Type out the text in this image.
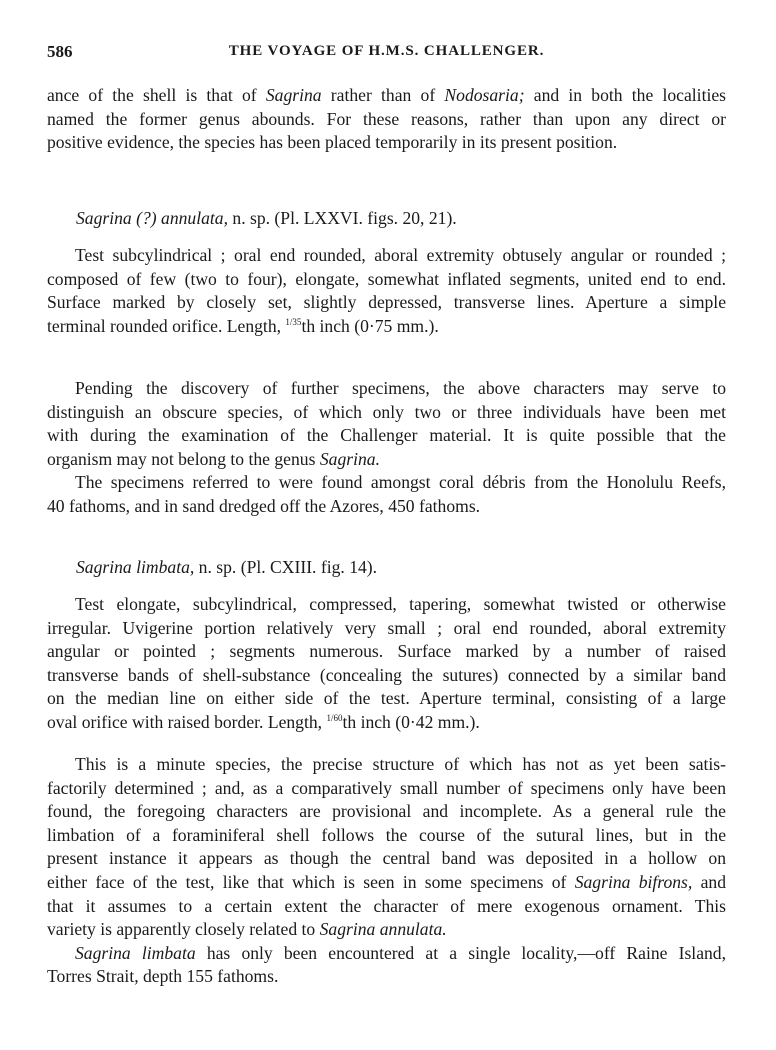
586	THE VOYAGE OF H.M.S. CHALLENGER.
ance of the shell is that of Sagrina rather than of Nodosaria; and in both the localities
named the former genus abounds. For these reasons, rather than upon any direct or
positive evidence, the species has been placed temporarily in its present position.
Sagrina (?) annulata, n. sp. (Pl. LXXVI. figs. 20, 21).
Test subcylindrical ; oral end rounded, aboral extremity obtusely angular or rounded ;
composed of few (two to four), elongate, somewhat inflated segments, united end to end.
Surface marked by closely set, slightly depressed, transverse lines. Aperture a simple
terminal rounded orifice. Length, $^{1/35}$th inch (0·75 mm.).
Pending the discovery of further specimens, the above characters may serve to
distinguish an obscure species, of which only two or three individuals have been met
with during the examination of the Challenger material. It is quite possible that the
organism may not belong to the genus Sagrina.
The specimens referred to were found amongst coral débris from the Honolulu Reefs,
40 fathoms, and in sand dredged off the Azores, 450 fathoms.
Sagrina limbata, n. sp. (Pl. CXIII. fig. 14).
Test elongate, subcylindrical, compressed, tapering, somewhat twisted or otherwise
irregular. Uvigerine portion relatively very small ; oral end rounded, aboral extremity
angular or pointed ; segments numerous. Surface marked by a number of raised
transverse bands of shell-substance (concealing the sutures) connected by a similar band
on the median line on either side of the test. Aperture terminal, consisting of a large
oval orifice with raised border. Length, $^{1/60}$th inch (0·42 mm.).
This is a minute species, the precise structure of which has not as yet been satis-
factorily determined ; and, as a comparatively small number of specimens only have been
found, the foregoing characters are provisional and incomplete. As a general rule the
limbation of a foraminiferal shell follows the course of the sutural lines, but in the
present instance it appears as though the central band was deposited in a hollow on
either face of the test, like that which is seen in some specimens of Sagrina bifrons, and
that it assumes to a certain extent the character of mere exogenous ornament. This
variety is apparently closely related to Sagrina annulata.
Sagrina limbata has only been encountered at a single locality,—off Raine Island,
Torres Strait, depth 155 fathoms.
